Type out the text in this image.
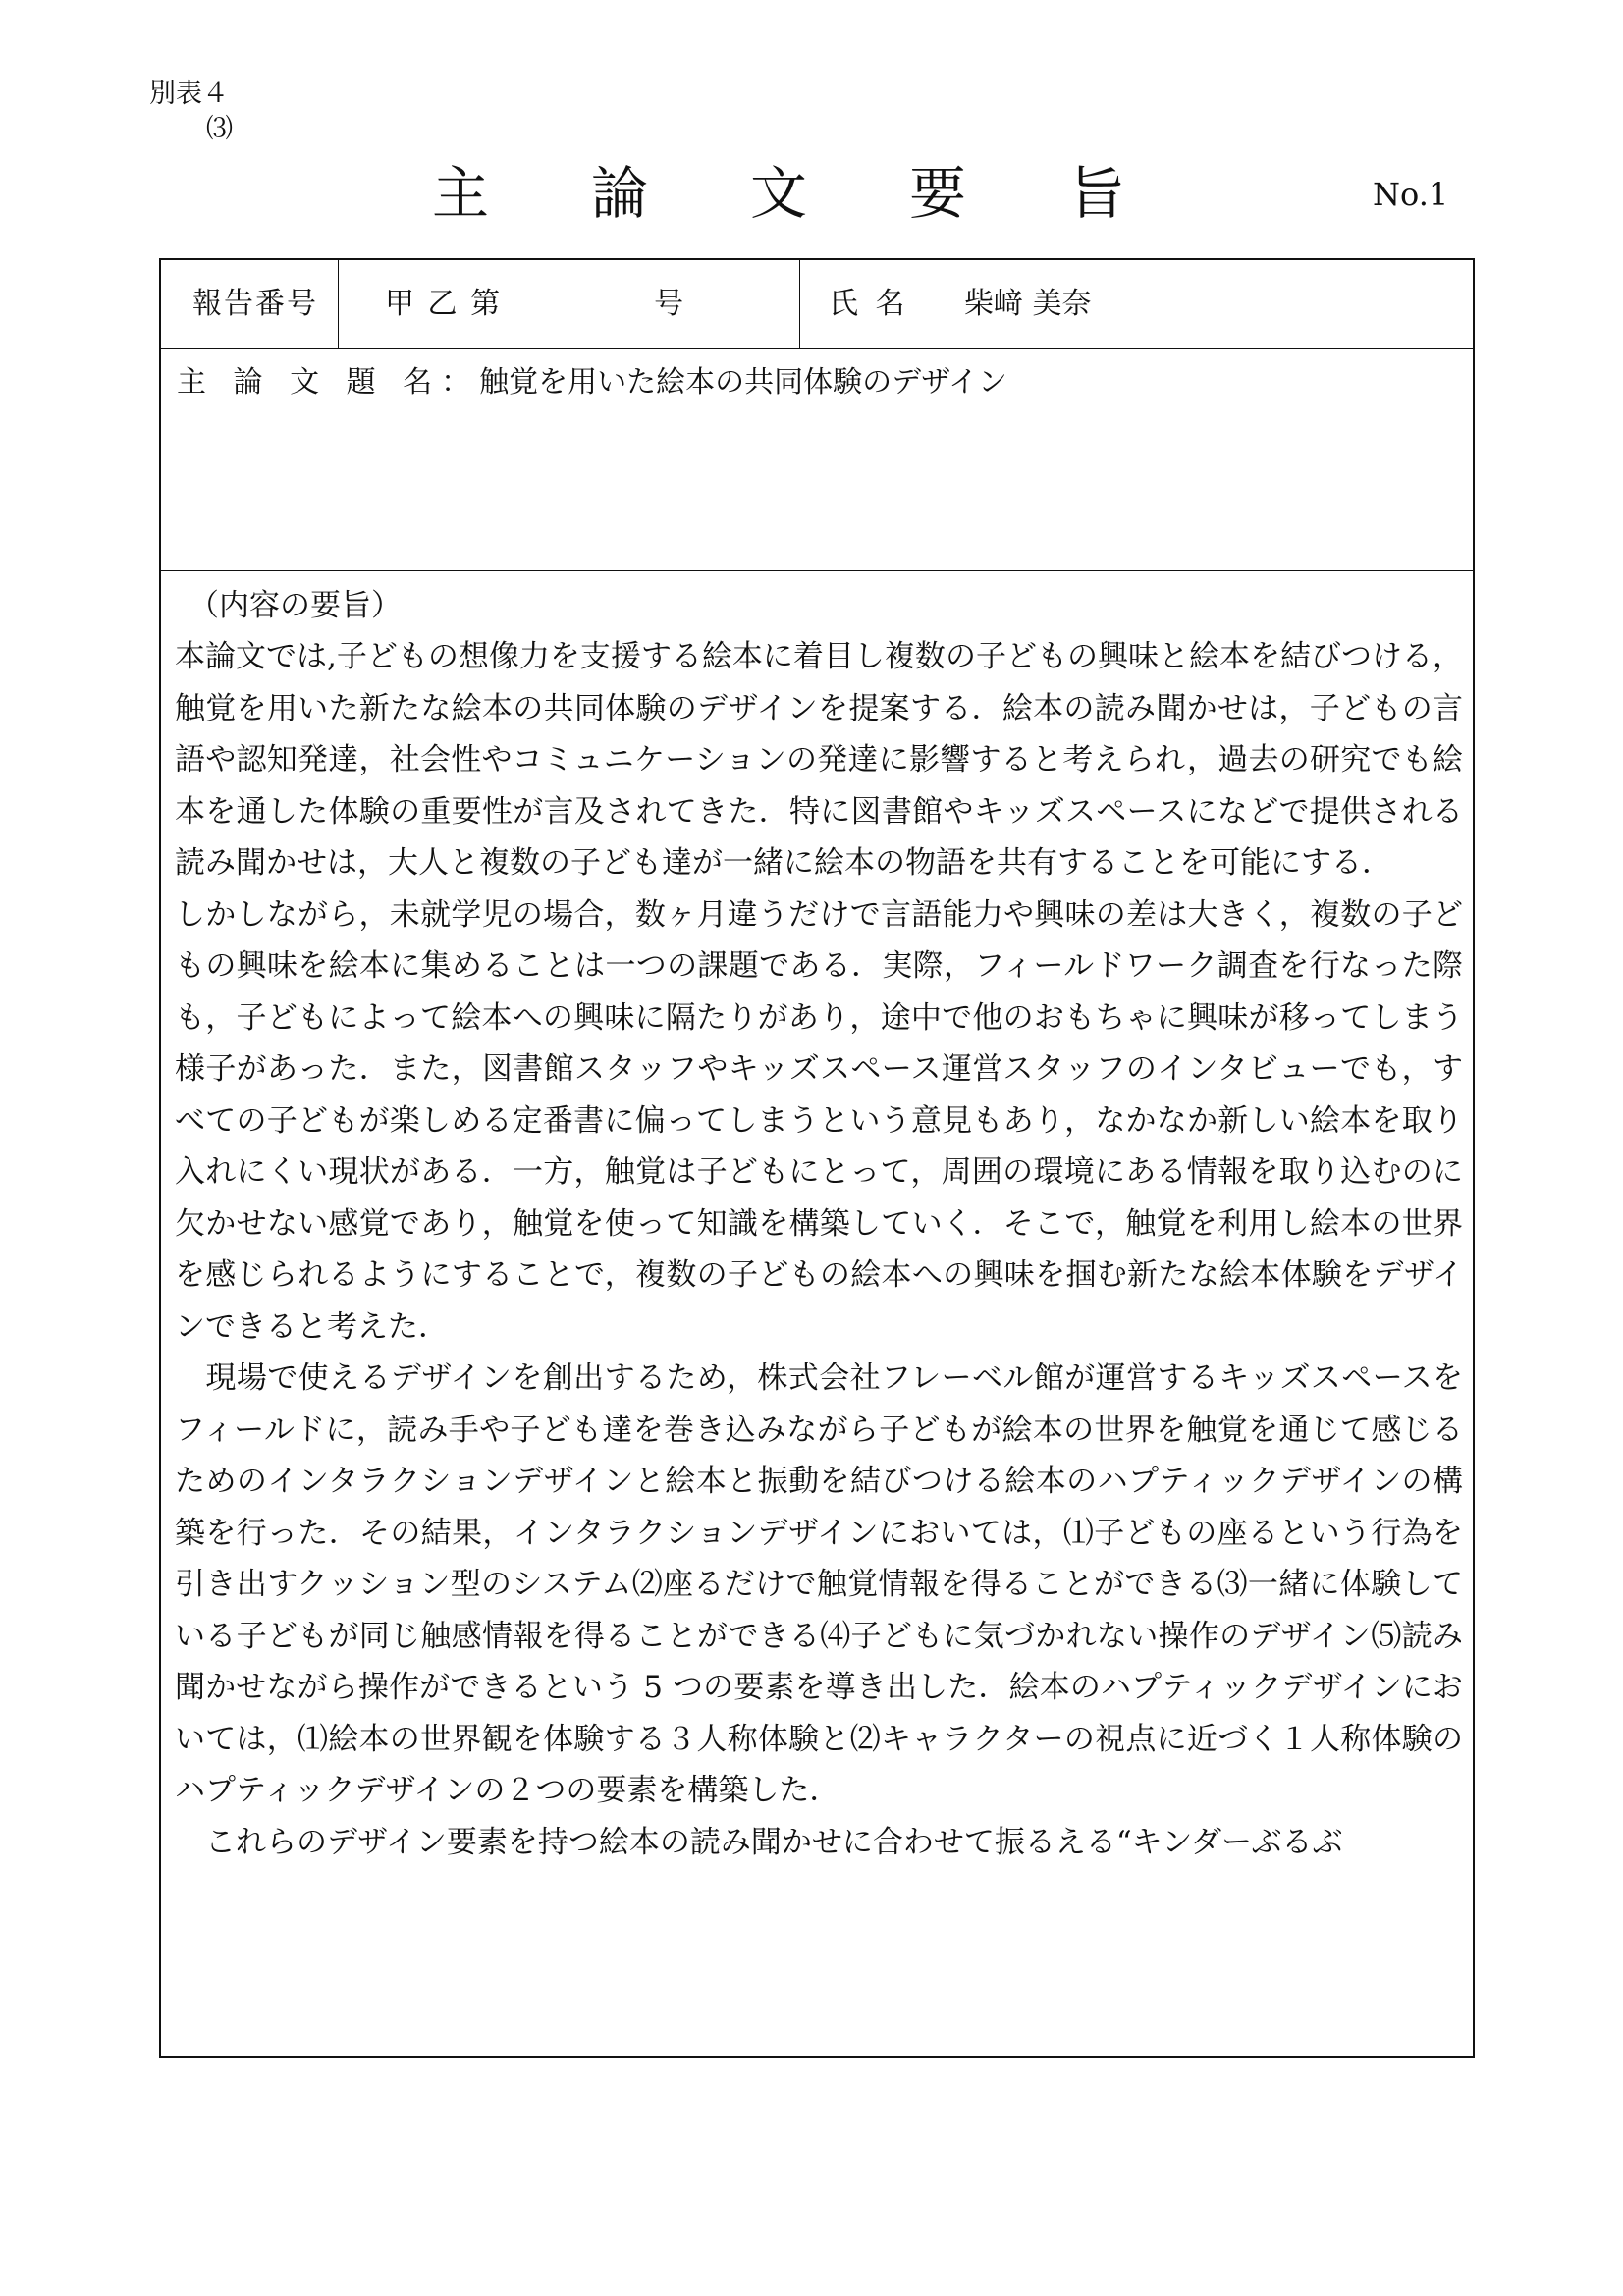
別表４
⑶
主論文要旨	No.1
報告番号 甲 乙 第	号	氏 名 柴﨑 美奈
主 論 文 題 名：触覚を用いた絵本の共同体験のデザイン

（内容の要旨）

本論文では,子どもの想像力を支援する絵本に着目し複数の子どもの興味と絵本を結びつける，触覚を用いた新たな絵本の共同体験のデザインを提案する．絵本の読み聞かせは，子どもの言語や認知発達，社会性やコミュニケーションの発達に影響すると考えられ，過去の研究でも絵本を通した体験の重要性が言及されてきた．特に図書館やキッズスペースになどで提供される読み聞かせは，大人と複数の子ども達が一緒に絵本の物語を共有することを可能にする．

しかしながら，未就学児の場合，数ヶ月違うだけで言語能力や興味の差は大きく，複数の子どもの興味を絵本に集めることは一つの課題である．実際，フィールドワーク調査を行なった際も，子どもによって絵本への興味に隔たりがあり，途中で他のおもちゃに興味が移ってしまう様子があった．また，図書館スタッフやキッズスペース運営スタッフのインタビューでも，すべての子どもが楽しめる定番書に偏ってしまうという意見もあり，なかなか新しい絵本を取り入れにくい現状がある．一方，触覚は子どもにとって，周囲の環境にある情報を取り込むのに欠かせない感覚であり，触覚を使って知識を構築していく．そこで，触覚を利用し絵本の世界を感じられるようにすることで，複数の子どもの絵本への興味を掴む新たな絵本体験をデザインできると考えた．

　現場で使えるデザインを創出するため，株式会社フレーベル館が運営するキッズスペースをフィールドに，読み手や子ども達を巻き込みながら子どもが絵本の世界を触覚を通じて感じるためのインタラクションデザインと絵本と振動を結びつける絵本のハプティックデザインの構築を行った．その結果，インタラクションデザインにおいては，⑴子どもの座るという行為を引き出すクッション型のシステム⑵座るだけで触覚情報を得ることができる⑶一緒に体験している子どもが同じ触感情報を得ることができる⑷子どもに気づかれない操作のデザイン⑸読み聞かせながら操作ができるという 5 つの要素を導き出した．絵本のハプティックデザインにおいては，⑴絵本の世界観を体験する３人称体験と⑵キャラクターの視点に近づく１人称体験のハプティックデザインの２つの要素を構築した．

　これらのデザイン要素を持つ絵本の読み聞かせに合わせて振るえる“キンダーぶるぶ
